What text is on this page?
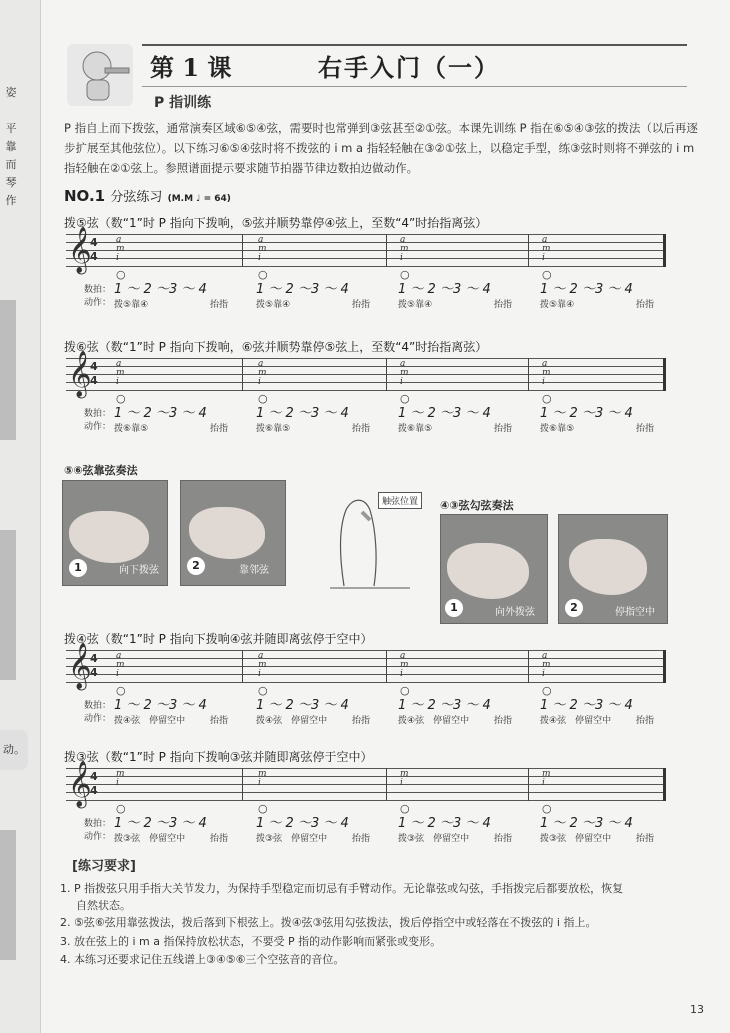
姿
平
靠
而
琴
作
动。
第 1 课	右手入门（一）
P 指训练
P 指自上而下拨弦，通常演奏区域⑥⑤④弦，需要时也常弹到③弦甚至②①弦。本课先训练 P 指在⑥⑤④③弦的拨法（以后再逐步扩展至其他弦位）。以下练习⑥⑤④弦时将不拨弦的 i m a 指轻轻触在③②①弦上，以稳定手型，练③弦时则将不弹弦的 i m 指轻触在②①弦上。参照谱面提示要求随节拍器节律边数拍边做动作。
NO.1 分弦练习 (M.M ♩ = 64)
拨⑤弦（数“1”时 P 指向下拨响，⑤弦并顺势靠停④弦上，至数“4”时抬指离弦）
𝄞
4
4
a m i
○
a m i
○
a m i
○
a m i
○
数拍：
动作：
1 ～ 2 ～3 ～ 4
拨⑤靠④	抬指
1 ～ 2 ～3 ～ 4
拨⑤靠④	抬指
1 ～ 2 ～3 ～ 4
拨⑤靠④	抬指
1 ～ 2 ～3 ～ 4
拨⑤靠④	抬指
拨⑥弦（数“1”时 P 指向下拨响，⑥弦并顺势靠停⑤弦上，至数“4”时抬指离弦）
𝄞
4
4
a m i
○
a m i
○
a m i
○
a m i
○
数拍：
动作：
1 ～ 2 ～3 ～ 4
拨⑥靠⑤	抬指
1 ～ 2 ～3 ～ 4
拨⑥靠⑤	抬指
1 ～ 2 ～3 ～ 4
拨⑥靠⑤	抬指
1 ～ 2 ～3 ～ 4
拨⑥靠⑤	抬指
拨④弦（数“1”时 P 指向下拨响④弦并随即离弦停于空中）
𝄞
4
4
a m i
○
a m i
○
a m i
○
a m i
○
数拍：
动作：
1 ～ 2 ～3 ～ 4
拨④弦　停留空中	抬指
1 ～ 2 ～3 ～ 4
拨④弦　停留空中	抬指
1 ～ 2 ～3 ～ 4
拨④弦　停留空中	抬指
1 ～ 2 ～3 ～ 4
拨④弦　停留空中	抬指
拨③弦（数“1”时 P 指向下拨响③弦并随即离弦停于空中）
𝄞
4
4
m i
○
m i
○
m i
○
m i
○
数拍：
动作：
1 ～ 2 ～3 ～ 4
拨③弦　停留空中	抬指
1 ～ 2 ～3 ～ 4
拨③弦　停留空中	抬指
1 ～ 2 ～3 ～ 4
拨③弦　停留空中	抬指
1 ～ 2 ～3 ～ 4
拨③弦　停留空中	抬指
⑤⑥弦靠弦奏法
1	向下拨弦	2	靠邻弦
触弦位置	④③弦勾弦奏法
1	向外拨弦	2	停指空中
[练习要求]
1. P 指拨弦只用手指大关节发力，为保持手型稳定而切忌有手臂动作。无论靠弦或勾弦，手指拨完后都要放松，恢复
自然状态。
2. ⑤弦⑥弦用靠弦拨法，拨后落到下根弦上。拨④弦③弦用勾弦拨法，拨后停指空中或轻落在不拨弦的 i 指上。
3. 放在弦上的 i m a 指保持放松状态，不要受 P 指的动作影响而紧张或变形。
4. 本练习还要求记住五线谱上③④⑤⑥三个空弦音的音位。
13
